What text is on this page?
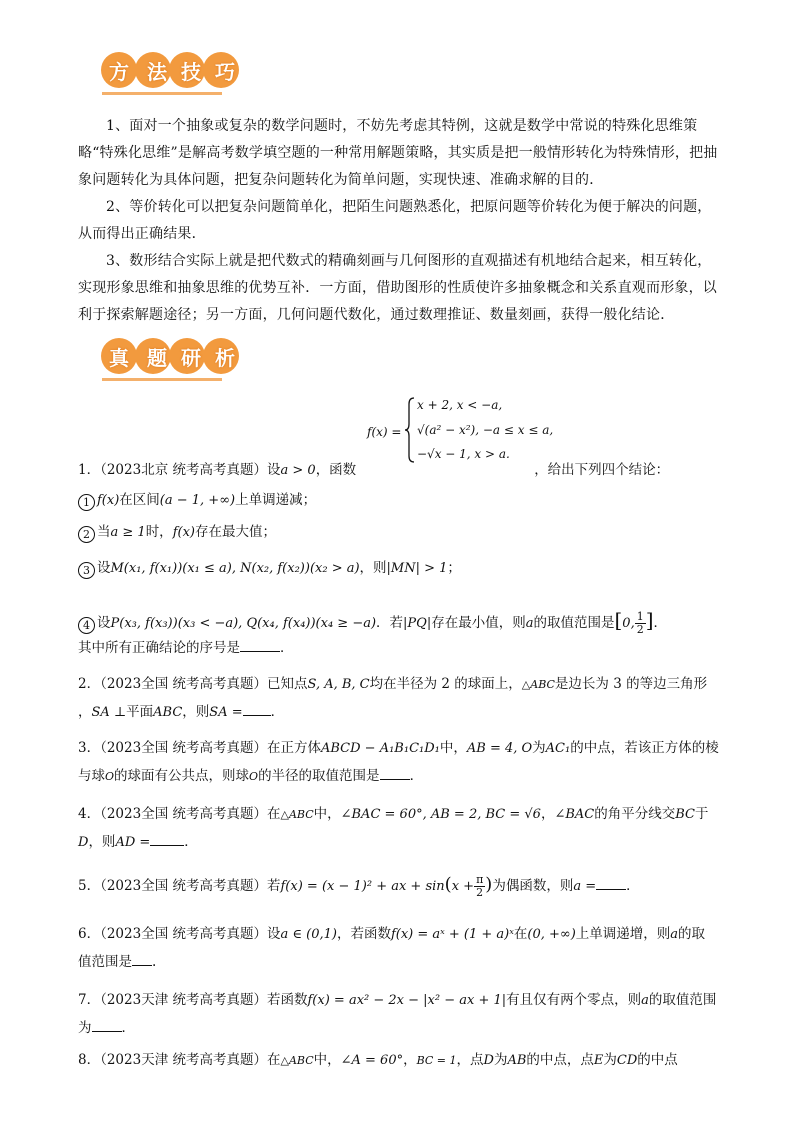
方 法 技 巧
1、面对一个抽象或复杂的数学问题时，不妨先考虑其特例，这就是数学中常说的特殊化思维策略“特殊化思维”是解高考数学填空题的一种常用解题策略，其实质是把一般情形转化为特殊情形，把抽象问题转化为具体问题，把复杂问题转化为简单问题，实现快速、准确求解的目的．
2、等价转化可以把复杂问题简单化，把陌生问题熟悉化，把原问题等价转化为便于解决的问题，从而得出正确结果．
3、数形结合实际上就是把代数式的精确刻画与几何图形的直观描述有机地结合起来，相互转化，实现形象思维和抽象思维的优势互补．一方面，借助图形的性质使许多抽象概念和关系直观而形象，以利于探索解题途径；另一方面，几何问题代数化，通过数理推证、数量刻画，获得一般化结论．
真 题 研 析
f(x) =
x + 2, x < −a,
√(a² − x²), −a ≤ x ≤ a,
−√x − 1, x > a.
1．（2023北京 统考高考真题）设a > 0，函数	，给出下列四个结论：
1 f(x)在区间(a − 1, +∞)上单调递减；
2 当a ≥ 1时，f(x)存在最大值；
3 设M(x₁, f(x₁))(x₁ ≤ a), N(x₂, f(x₂))(x₂ > a)，则|MN| > 1；
4 设P(x₃, f(x₃))(x₃ < −a), Q(x₄, f(x₄))(x₄ ≥ −a)．若|PQ|存在最小值，则a的取值范围是[0, $\frac{1}{2}$ ]．
其中所有正确结论的序号是	．
2．（2023全国 统考高考真题）已知点S, A, B, C均在半径为 2 的球面上，△ABC是边长为 3 的等边三角形
，SA ⊥平面ABC，则SA = ．
3．（2023全国 统考高考真题）在正方体ABCD − A₁B₁C₁D₁中，AB = 4, O为AC₁的中点，若该正方体的棱
与球O的球面有公共点，则球O的半径的取值范围是 ．
4．（2023全国 统考高考真题）在△ABC中，∠BAC = 60°, AB = 2, BC = √6，∠BAC的角平分线交BC于
D，则AD =	．
5．（2023全国 统考高考真题）若f(x) = (x − 1)² + ax + $\sin(x + \frac{\pi}{2}$ )为偶函数，则a = ．
6．（2023全国 统考高考真题）设a ∈ (0,1)，若函数f(x) = aˣ + (1 + a)ˣ在(0, +∞)上单调递增，则a的取
值范围是 .
7．（2023天津 统考高考真题）若函数f(x) = ax² − 2x − |x² − ax + 1|有且仅有两个零点，则a的取值范围
为 ．
8．（2023天津 统考高考真题）在△ABC中，∠A = 60°，BC = 1，点D为AB的中点，点E为CD的中点
